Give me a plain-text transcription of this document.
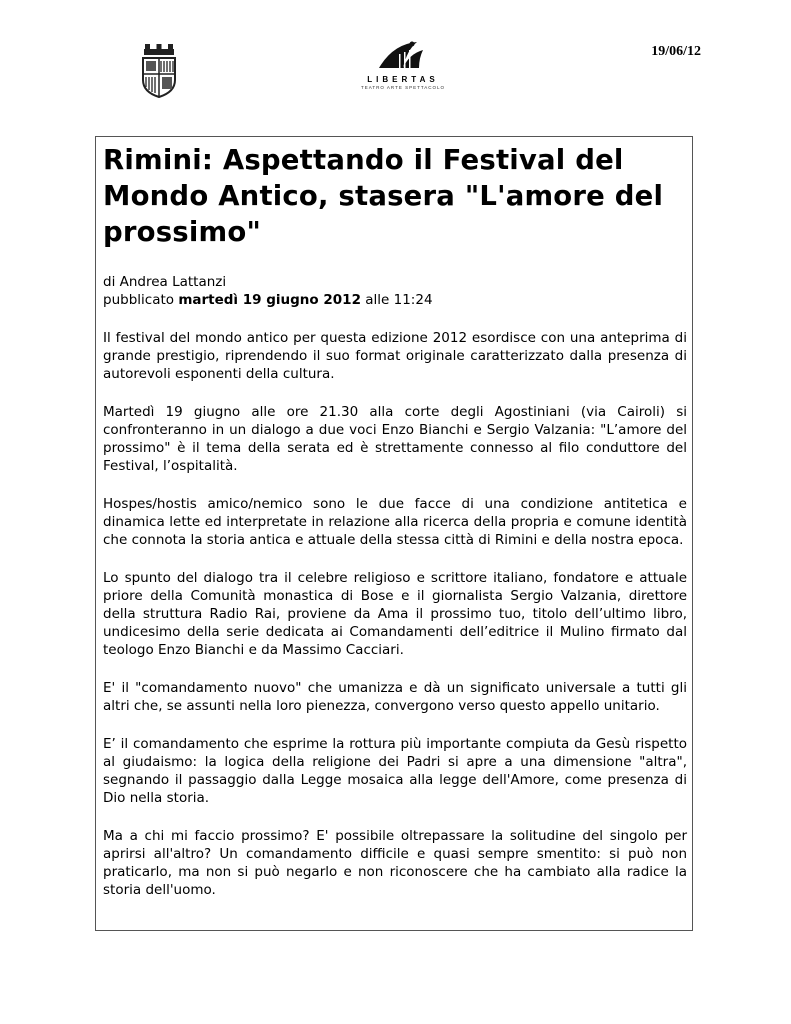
19/06/12
LIBERTAS
TEATRO ARTE SPETTACOLO
Rimini: Aspettando il Festival del Mondo Antico, stasera "L'amore del prossimo"
di Andrea Lattanzi
pubblicato martedì 19 giugno 2012 alle 11:24

Il festival del mondo antico per questa edizione 2012 esordisce con una anteprima di grande prestigio, riprendendo il suo format originale caratterizzato dalla presenza di autorevoli esponenti della cultura.

Martedì 19 giugno alle ore 21.30 alla corte degli Agostiniani (via Cairoli) si confronteranno in un dialogo a due voci Enzo Bianchi e Sergio Valzania: "L’amore del prossimo" è il tema della serata ed è strettamente connesso al filo conduttore del Festival, l’ospitalità.

Hospes/hostis amico/nemico sono le due facce di una condizione antitetica e dinamica lette ed interpretate in relazione alla ricerca della propria e comune identità che connota la storia antica e attuale della stessa città di Rimini e della nostra epoca.

Lo spunto del dialogo tra il celebre religioso e scrittore italiano, fondatore e attuale priore della Comunità monastica di Bose e il giornalista Sergio Valzania, direttore della struttura Radio Rai, proviene da Ama il prossimo tuo, titolo dell’ultimo libro, undicesimo della serie dedicata ai Comandamenti dell’editrice il Mulino firmato dal teologo Enzo Bianchi e da Massimo Cacciari.

E' il "comandamento nuovo" che umanizza e dà un significato universale a tutti gli altri che, se assunti nella loro pienezza, convergono verso questo appello unitario.

E’ il comandamento che esprime la rottura più importante compiuta da Gesù rispetto al giudaismo: la logica della religione dei Padri si apre a una dimensione "altra", segnando il passaggio dalla Legge mosaica alla legge dell'Amore, come presenza di Dio nella storia.

Ma a chi mi faccio prossimo? E' possibile oltrepassare la solitudine del singolo per aprirsi all'altro? Un comandamento difficile e quasi sempre smentito: si può non praticarlo, ma non si può negarlo e non riconoscere che ha cambiato alla radice la storia dell'uomo.
